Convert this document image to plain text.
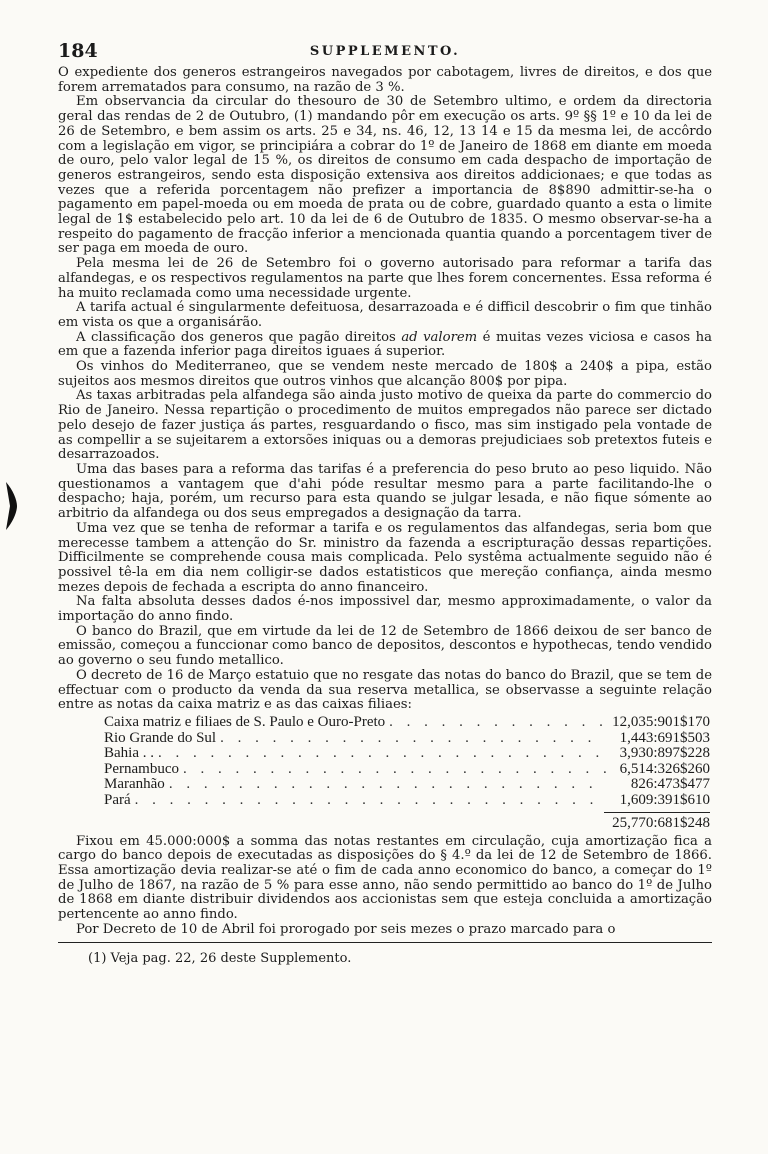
184	SUPPLEMENTO.

O expediente dos generos estrangeiros navegados por cabotagem, livres de direitos, e dos que forem arrematados para consumo, na razão de 3 %.

Em observancia da circular do thesouro de 30 de Setembro ultimo, e ordem da directoria geral das rendas de 2 de Outubro, (1) mandando pôr em execução os arts. 9º §§ 1º e 10 da lei de 26 de Setembro, e bem assim os arts. 25 e 34, ns. 46, 12, 13 14 e 15 da mesma lei, de accôrdo com a legislação em vigor, se principiára a cobrar do 1º de Janeiro de 1868 em diante em moeda de ouro, pelo valor legal de 15 %, os direitos de consumo em cada despacho de importação de generos estrangeiros, sendo esta disposição extensiva aos direitos addicionaes; e que todas as vezes que a referida porcentagem não prefizer a importancia de 8$890 admittir-se-ha o pagamento em papel-moeda ou em moeda de prata ou de cobre, guardado quanto a esta o limite legal de 1$ estabelecido pelo art. 10 da lei de 6 de Outubro de 1835. O mesmo observar-se-ha a respeito do pagamento de fracção inferior a mencionada quantia quando a porcentagem tiver de ser paga em moeda de ouro.

Pela mesma lei de 26 de Setembro foi o governo autorisado para reformar a tarifa das alfandegas, e os respectivos regulamentos na parte que lhes forem concernentes. Essa reforma é ha muito reclamada como uma necessidade urgente.

A tarifa actual é singularmente defeituosa, desarrazoada e é difficil descobrir o fim que tinhão em vista os que a organisárão.

A classificação dos generos que pagão direitos ad valorem é muitas vezes viciosa e casos ha em que a fazenda inferior paga direitos iguaes á superior.

Os vinhos do Mediterraneo, que se vendem neste mercado de 180$ a 240$ a pipa, estão sujeitos aos mesmos direitos que outros vinhos que alcanção 800$ por pipa.

As taxas arbitradas pela alfandega são ainda justo motivo de queixa da parte do commercio do Rio de Janeiro. Nessa repartição o procedimento de muitos empregados não parece ser dictado pelo desejo de fazer justiça ás partes, resguardando o fisco, mas sim instigado pela vontade de as compellir a se sujeitarem a extorsões iniquas ou a demoras prejudiciaes sob pretextos futeis e desarrazoados.

Uma das bases para a reforma das tarifas é a preferencia do peso bruto ao peso liquido. Não questionamos a vantagem que d'ahi póde resultar mesmo para a parte facilitando-lhe o despacho; haja, porém, um recurso para esta quando se julgar lesada, e não fique sómente ao arbitrio da alfandega ou dos seus empregados a designação da tarra.

Uma vez que se tenha de reformar a tarifa e os regulamentos das alfandegas, seria bom que merecesse tambem a attenção do Sr. ministro da fazenda a escripturação dessas repartições. Difficilmente se comprehende cousa mais complicada. Pelo systêma actualmente seguido não é possivel tê-la em dia nem colligir-se dados estatisticos que mereção confiança, ainda mesmo mezes depois de fechada a escripta do anno financeiro.

Na falta absoluta desses dados é-nos impossivel dar, mesmo approximadamente, o valor da importação do anno findo.

O banco do Brazil, que em virtude da lei de 12 de Setembro de 1866 deixou de ser banco de emissão, começou a funccionar como banco de depositos, descontos e hypothecas, tendo vendido ao governo o seu fundo metallico.

O decreto de 16 de Março estatuio que no resgate das notas do banco do Brazil, que se tem de effectuar com o producto da venda da sua reserva metallica, se observasse a seguinte relação entre as notas da caixa matriz e as das caixas filiaes:

Caixa matriz e filiaes de S. Paulo e Ouro-Preto . . .	12,035:901$170
Rio Grande do Sul . . .	1,443:691$503
Bahia . . . . .	3,930:897$228
Pernambuco . . .	6,514:326$260
Maranhão . . .	826:473$477
Pará . . .	1,609:391$610
25,770:681$248

Fixou em 45.000:000$ a somma das notas restantes em circulação, cuja amortização fica a cargo do banco depois de executadas as disposições do § 4.º da lei de 12 de Setembro de 1866. Essa amortização devia realizar-se até o fim de cada anno economico do banco, a começar do 1º de Julho de 1867, na razão de 5 % para esse anno, não sendo permittido ao banco do 1º de Julho de 1868 em diante distribuir dividendos aos accionistas sem que esteja concluida a amortização pertencente ao anno findo.

Por Decreto de 10 de Abril foi prorogado por seis mezes o prazo marcado para o

(1) Veja pag. 22, 26 deste Supplemento.
